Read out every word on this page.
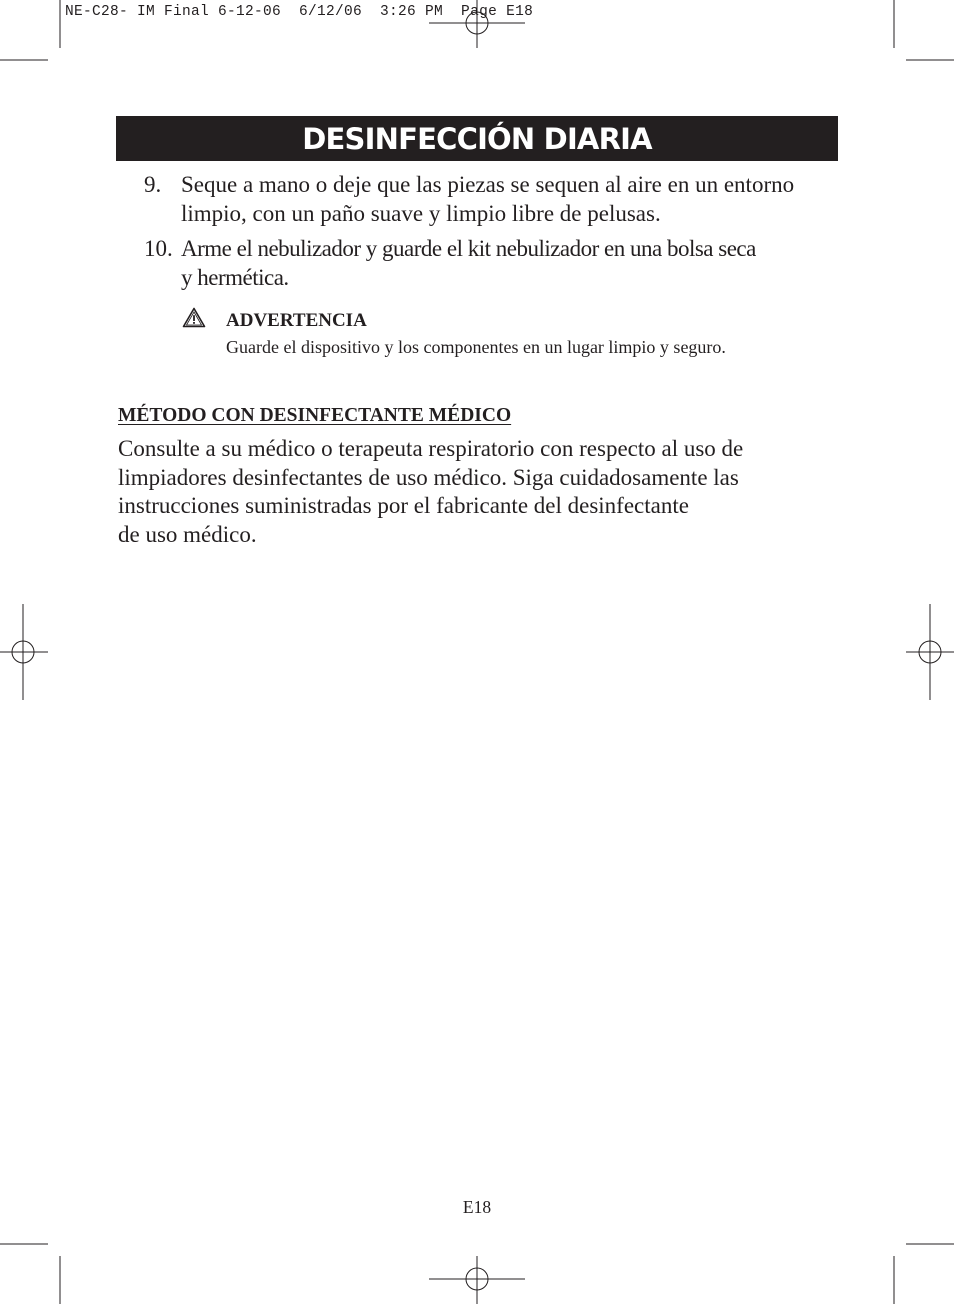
NE-C28- IM Final 6-12-06  6/12/06  3:26 PM  Page E18
DESINFECCIÓN DIARIA
9. Seque a mano o deje que las piezas se sequen al aire en un entorno
limpio, con un paño suave y limpio libre de pelusas.
10. Arme el nebulizador y guarde el kit nebulizador en una bolsa seca
y hermética.
ADVERTENCIA
Guarde el dispositivo y los componentes en un lugar limpio y seguro.
MÉTODO CON DESINFECTANTE MÉDICO
Consulte a su médico o terapeuta respiratorio con respecto al uso de
limpiadores desinfectantes de uso médico. Siga cuidadosamente las
instrucciones suministradas por el fabricante del desinfectante
de uso médico.
E18
